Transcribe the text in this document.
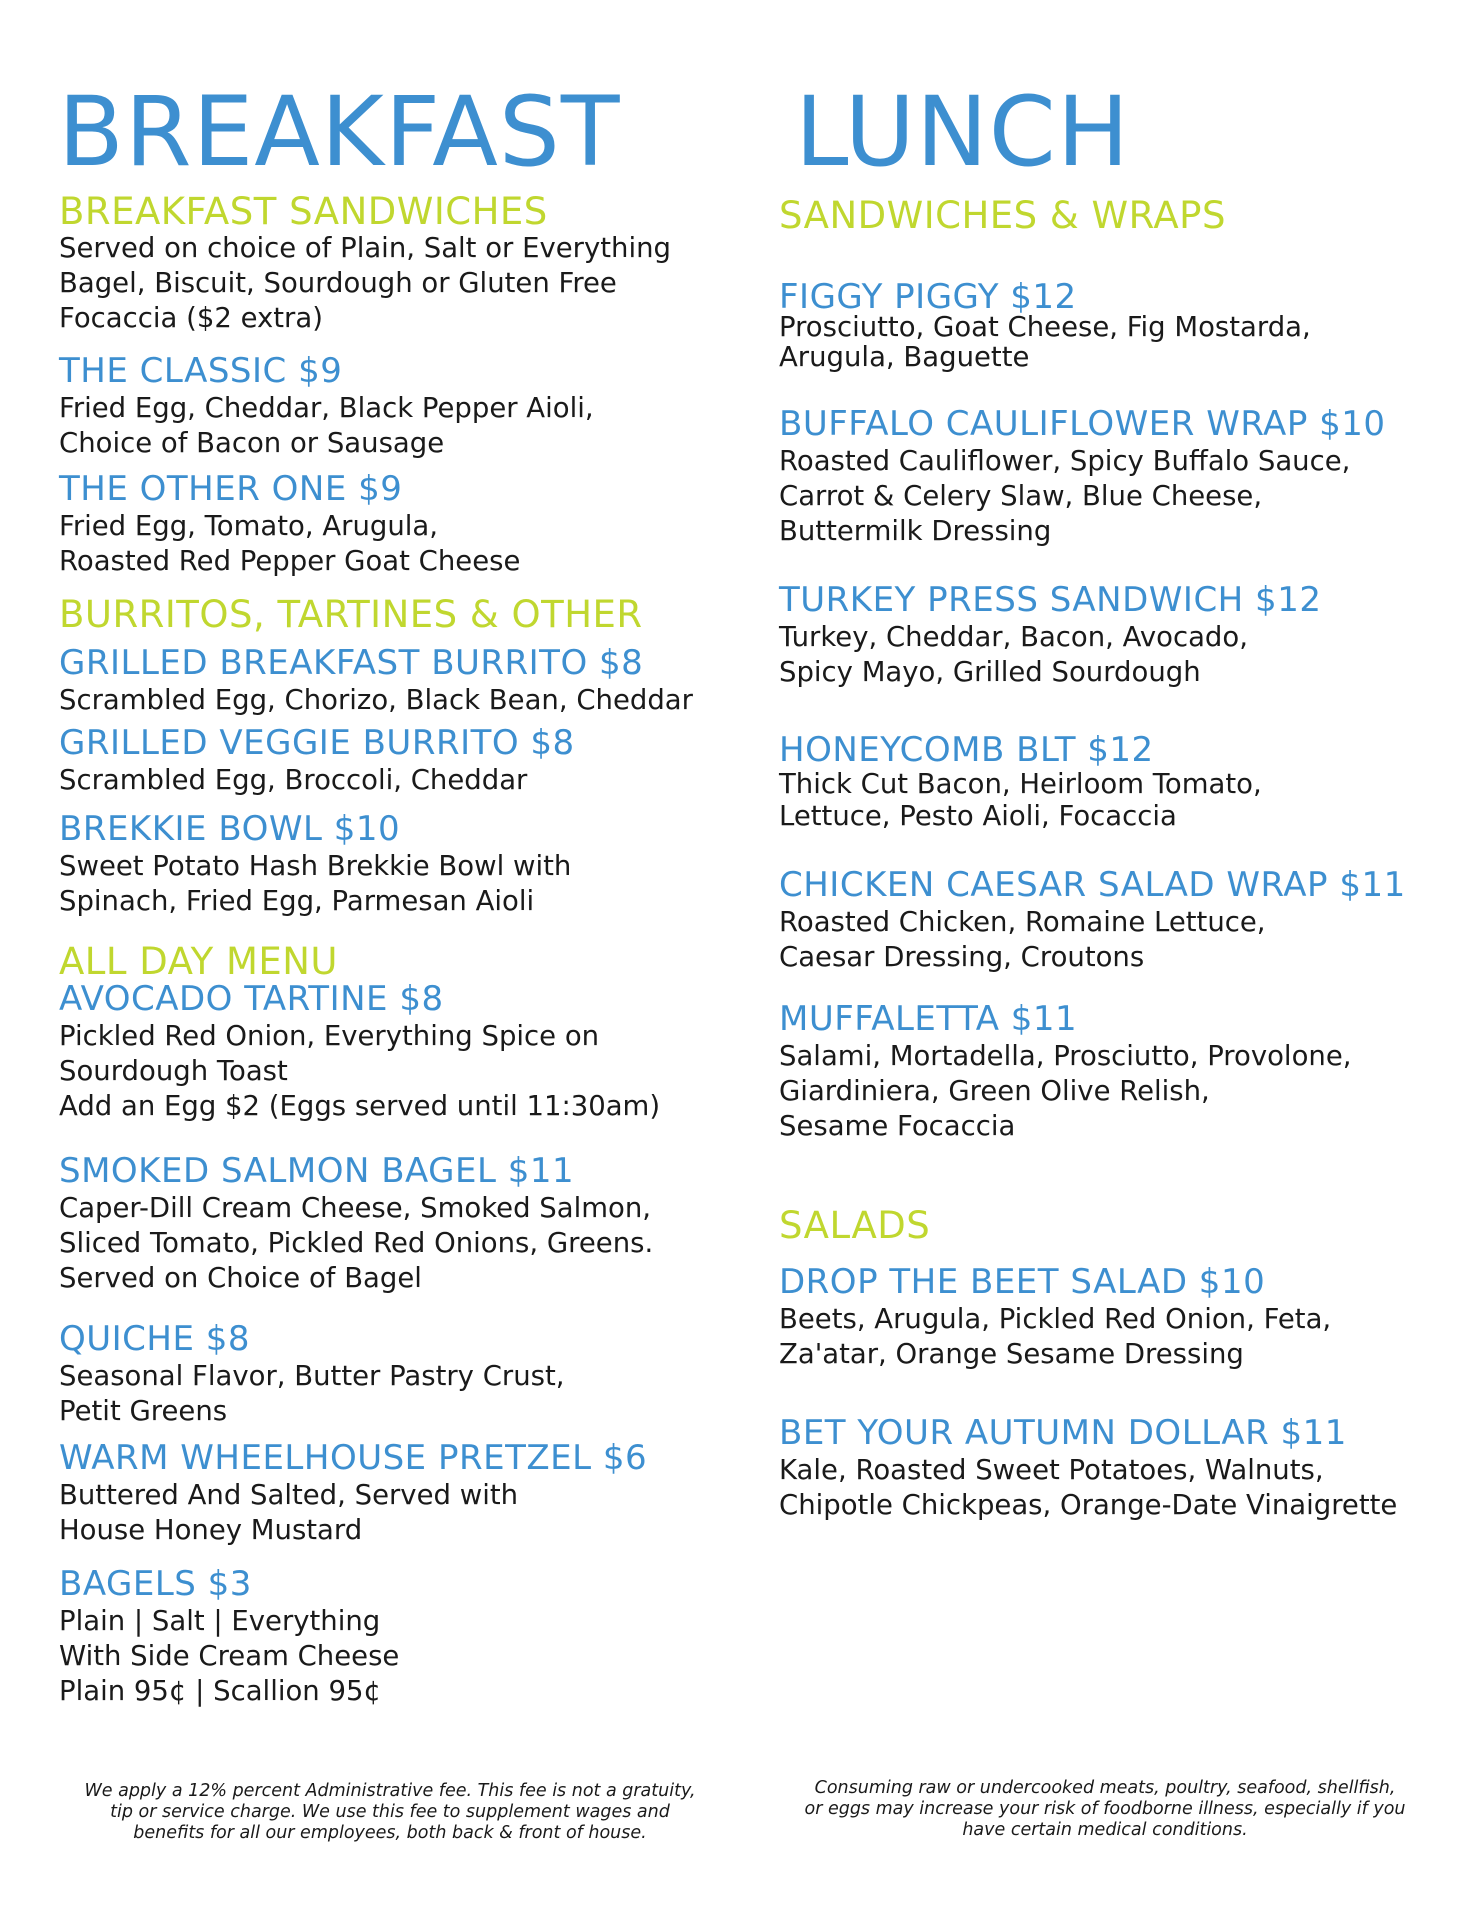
BREAKFAST
BREAKFAST SANDWICHES
Served on choice of Plain, Salt or Everything
Bagel, Biscuit, Sourdough or Gluten Free
Focaccia ($2 extra)
THE CLASSIC $9
Fried Egg, Cheddar, Black Pepper Aioli,
Choice of Bacon or Sausage
THE OTHER ONE $9
Fried Egg, Tomato, Arugula,
Roasted Red Pepper Goat Cheese
BURRITOS, TARTINES & OTHER
GRILLED BREAKFAST BURRITO $8
Scrambled Egg, Chorizo, Black Bean, Cheddar
GRILLED VEGGIE BURRITO $8
Scrambled Egg, Broccoli, Cheddar
BREKKIE BOWL $10
Sweet Potato Hash Brekkie Bowl with
Spinach, Fried Egg, Parmesan Aioli
ALL DAY MENU
AVOCADO TARTINE $8
Pickled Red Onion, Everything Spice on
Sourdough Toast
Add an Egg $2 (Eggs served until 11:30am)
SMOKED SALMON BAGEL $11
Caper-Dill Cream Cheese, Smoked Salmon,
Sliced Tomato, Pickled Red Onions, Greens.
Served on Choice of Bagel
QUICHE $8
Seasonal Flavor, Butter Pastry Crust,
Petit Greens
WARM WHEELHOUSE PRETZEL $6
Buttered And Salted, Served with
House Honey Mustard
BAGELS $3
Plain | Salt | Everything
With Side Cream Cheese
Plain 95¢ | Scallion 95¢
LUNCH
SANDWICHES & WRAPS
FIGGY PIGGY $12
Prosciutto, Goat Cheese, Fig Mostarda,
Arugula, Baguette
BUFFALO CAULIFLOWER WRAP $10
Roasted Cauliflower, Spicy Buffalo Sauce,
Carrot & Celery Slaw, Blue Cheese,
Buttermilk Dressing
TURKEY PRESS SANDWICH $12
Turkey, Cheddar, Bacon, Avocado,
Spicy Mayo, Grilled Sourdough
HONEYCOMB BLT $12
Thick Cut Bacon, Heirloom Tomato,
Lettuce, Pesto Aioli, Focaccia
CHICKEN CAESAR SALAD WRAP $11
Roasted Chicken, Romaine Lettuce,
Caesar Dressing, Croutons
MUFFALETTA $11
Salami, Mortadella, Prosciutto, Provolone,
Giardiniera, Green Olive Relish,
Sesame Focaccia
SALADS
DROP THE BEET SALAD $10
Beets, Arugula, Pickled Red Onion, Feta,
Za'atar, Orange Sesame Dressing
BET YOUR AUTUMN DOLLAR $11
Kale, Roasted Sweet Potatoes, Walnuts,
Chipotle Chickpeas, Orange-Date Vinaigrette
We apply a 12% percent Administrative fee. This fee is not a gratuity,
tip or service charge. We use this fee to supplement wages and
benefits for all our employees, both back & front of house.
Consuming raw or undercooked meats, poultry, seafood, shellfish,
or eggs may increase your risk of foodborne illness, especially if you
have certain medical conditions.
